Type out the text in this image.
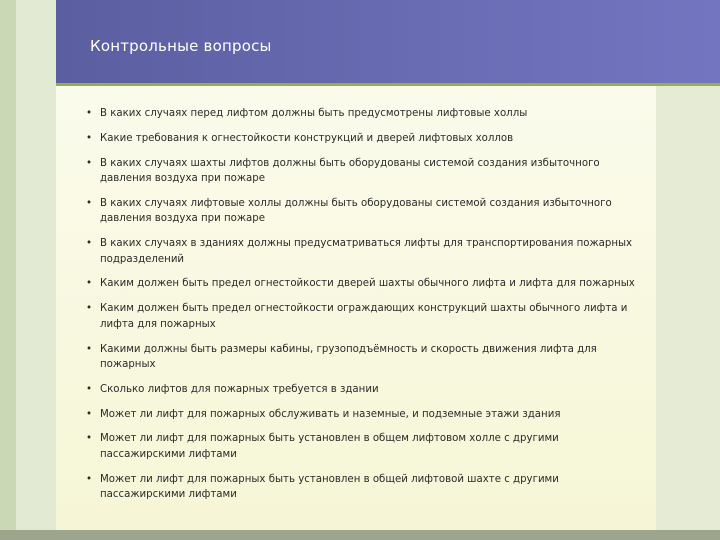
Контрольные вопросы
• В каких случаях перед лифтом должны быть предусмотрены лифтовые холлы
• Какие требования к огнестойкости конструкций и дверей лифтовых холлов
• В каких случаях шахты лифтов должны быть оборудованы системой создания избыточного давления воздуха при пожаре
• В каких случаях лифтовые холлы должны быть оборудованы системой создания избыточного давления воздуха при пожаре
• В каких случаях в зданиях должны предусматриваться лифты для транспортирования пожарных подразделений
• Каким должен быть предел огнестойкости дверей шахты обычного лифта и лифта для пожарных
• Каким должен быть предел огнестойкости ограждающих конструкций шахты обычного лифта и лифта для пожарных
• Какими должны быть размеры кабины, грузоподъёмность и скорость движения лифта для пожарных
• Сколько лифтов для пожарных требуется в здании
• Может ли лифт для пожарных обслуживать и наземные, и подземные этажи здания
• Может ли лифт для пожарных быть установлен в общем лифтовом холле с другими пассажирскими лифтами
• Может ли лифт для пожарных быть установлен в общей лифтовой шахте с другими пассажирскими лифтами
